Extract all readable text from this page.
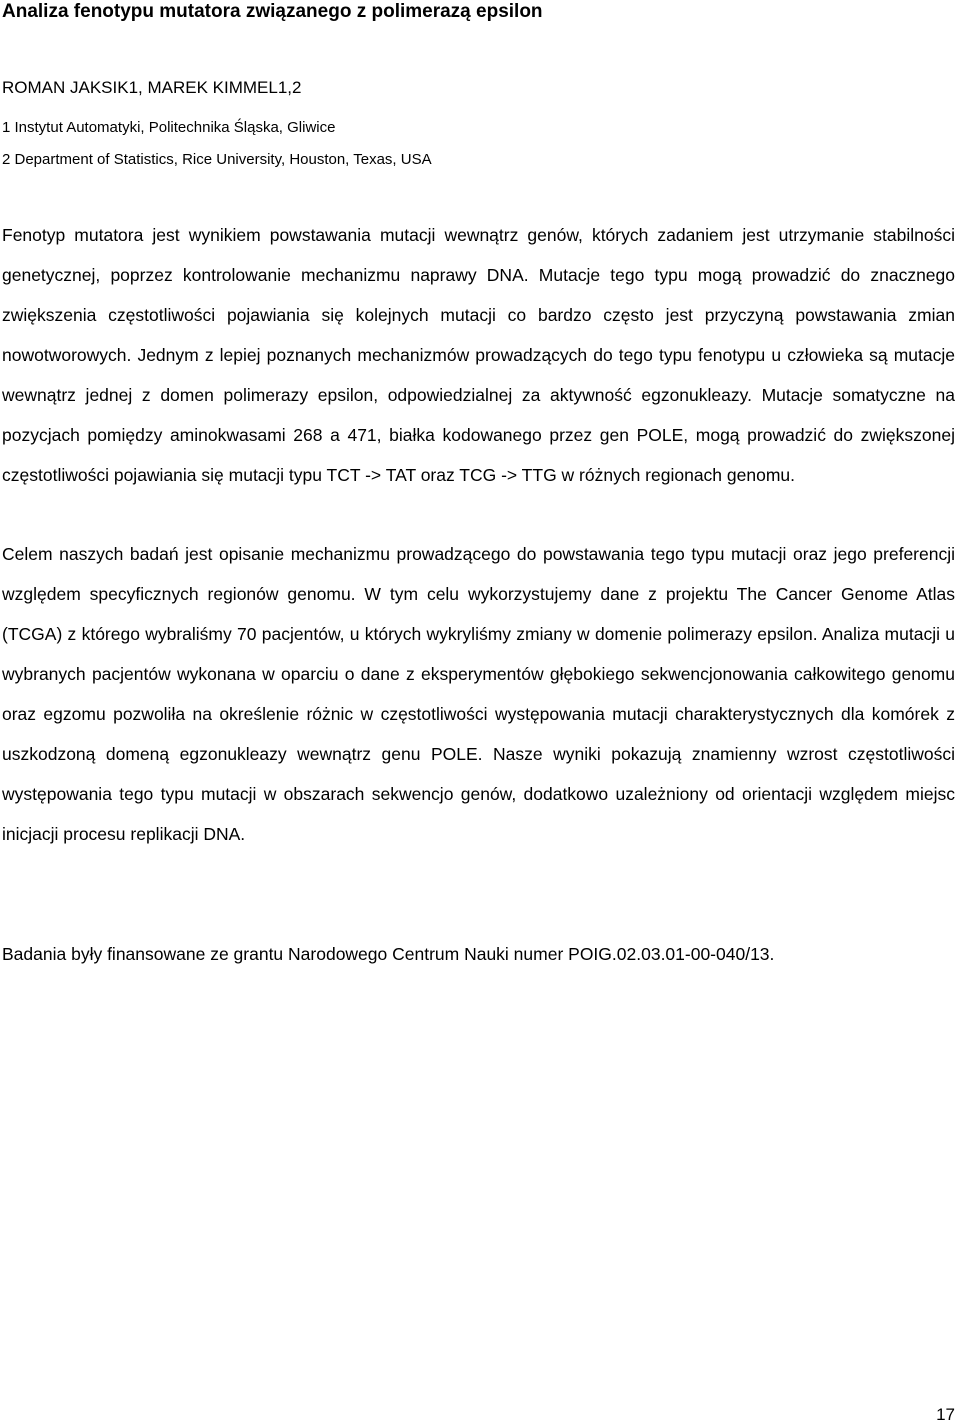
Analiza fenotypu mutatora związanego z polimerazą epsilon
ROMAN JAKSIK1, MAREK KIMMEL1,2
1 Instytut Automatyki, Politechnika Śląska, Gliwice
2 Department of Statistics, Rice University, Houston, Texas, USA

Fenotyp mutatora jest wynikiem powstawania mutacji wewnątrz genów, których zadaniem jest utrzymanie stabilności genetycznej, poprzez kontrolowanie mechanizmu naprawy DNA. Mutacje tego typu mogą prowadzić do znacznego zwiększenia częstotliwości pojawiania się kolejnych mutacji co bardzo często jest przyczyną powstawania zmian nowotworowych. Jednym z lepiej poznanych mechanizmów prowadzących do tego typu fenotypu u człowieka są mutacje wewnątrz jednej z domen polimerazy epsilon, odpowiedzialnej za aktywność egzonukleazy. Mutacje somatyczne na pozycjach pomiędzy aminokwasami 268 a 471, białka kodowanego przez gen POLE, mogą prowadzić do zwiększonej częstotliwości pojawiania się mutacji typu TCT -> TAT oraz TCG -> TTG w różnych regionach genomu.

Celem naszych badań jest opisanie mechanizmu prowadzącego do powstawania tego typu mutacji oraz jego preferencji względem specyficznych regionów genomu. W tym celu wykorzystujemy dane z projektu The Cancer Genome Atlas (TCGA) z którego wybraliśmy 70 pacjentów, u których wykryliśmy zmiany w domenie polimerazy epsilon. Analiza mutacji u wybranych pacjentów wykonana w oparciu o dane z eksperymentów głębokiego sekwencjonowania całkowitego genomu oraz egzomu pozwoliła na określenie różnic w częstotliwości występowania mutacji charakterystycznych dla komórek z uszkodzoną domeną egzonukleazy wewnątrz genu POLE. Nasze wyniki pokazują znamienny wzrost częstotliwości występowania tego typu mutacji w obszarach sekwencjo genów, dodatkowo uzależniony od orientacji względem miejsc inicjacji procesu replikacji DNA.

Badania były finansowane ze grantu Narodowego Centrum Nauki numer POIG.02.03.01-00-040/13.
17
